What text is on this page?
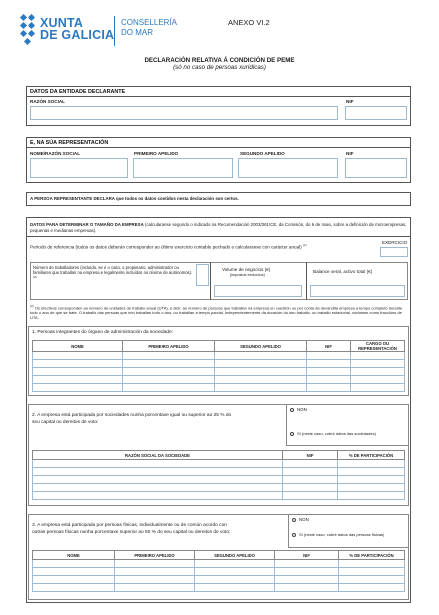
XUNTA
DE GALICIA
CONSELLERÍA
DO MAR
ANEXO VI.2
DECLARACIÓN RELATIVA Á CONDICIÓN DE PEME
(só no caso de persoas xurídicas)
DATOS DA ENTIDADE DECLARANTE
RAZÓN SOCIAL	NIF
E, NA SÚA REPRESENTACIÓN
NOME/RAZÓN SOCIAL	PRIMEIRO APELIDO	SEGUNDO APELIDO	NIF
A PERSOA REPRESENTANTE DECLARA que todos os datos contidos nesta declaración son certos.
DATOS PARA DETERMINAR O TAMAÑO DA EMPRESA (calcularanse segundo o indicado na Recomendación 2003/361/CE, da Comisión, do 6 de maio, sobre a definición de microempresas, pequenas e medianas empresas).
Período de referencia (todos os datos deberán corresponder ao último exercicio contable pechado e calcularanse con carácter anual) $^{(1)}$	EXERCICIO
Número de traballadores (incluído, se é o caso, o propietario, administrador ou familiares que traballan na empresa e legalmente incluídos no réxime de autónomos). $^{(2)}$
Volume de negocios (€)
(impostos excluídos)
Balance xeral, activo total (€)
$^{(2)}$ Os efectivos corresponden ao número de unidades de traballo anual (UTA), é dicir, ao número de persoas que traballan na empresa en cuestión ou por conta da devandita empresa a tempo completo durante todo o ano de que se trate. O traballo das persoas que non traballan todo o ano, ou traballan a tempo parcial, independentemente da duración do seu traballo, ou traballo estacional, cóntanse como fraccións de UTA.
1. Persoas integrantes do órgano de administración da sociedade:
NOME	PRIMEIRO APELIDO	SEGUNDO APELIDO	NIF	CARGO OU REPRESENTACIÓN

2. A empresa está participada por sociedades nunha porcentaxe igual ou superior ao 25 % do
seu capital ou dereitos de voto:
NON
SI (neste caso, cubrir datos das sociedades)
RAZÓN SOCIAL DA SOCIEDADE	NIF	% DE PARTICIPACIÓN

3. A empresa está participada por persoas físicas, individualmente ou de común acordo con
outras persoas físicas nunha porcentaxe superior ao 50 % do seu capital ou dereitos de voto:
NON
SI (neste caso, cubrir datos das persoas físicas)
NOME	PRIMEIRO APELIDO	SEGUNDO APELIDO	NIF	% DE PARTICIPACIÓN
